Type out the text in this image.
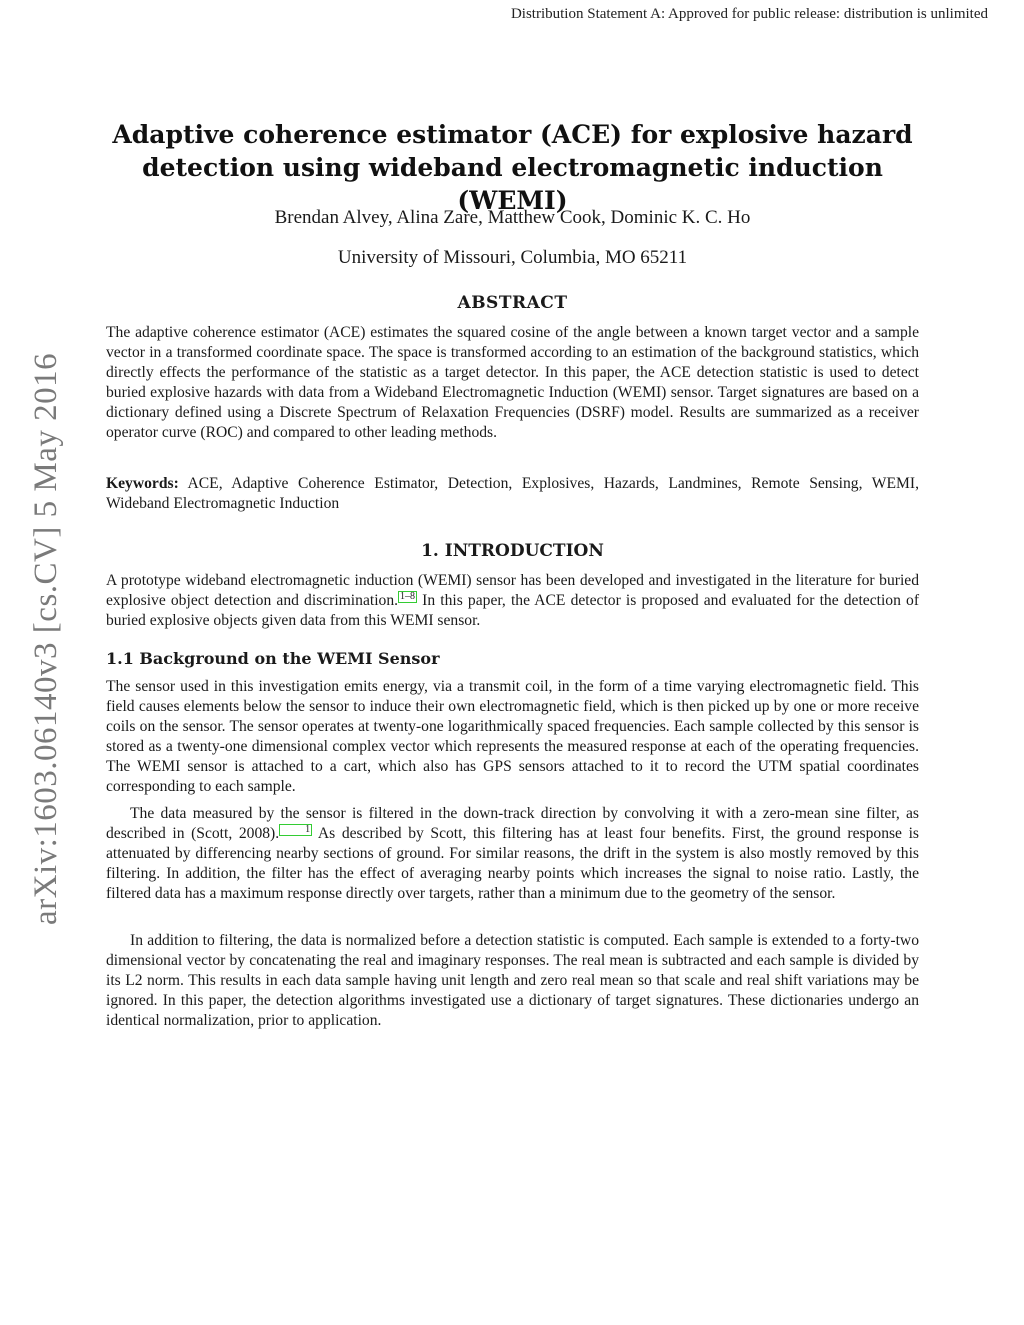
Distribution Statement A: Approved for public release: distribution is unlimited
arXiv:1603.06140v3 [cs.CV] 5 May 2016
Adaptive coherence estimator (ACE) for explosive hazard
detection using wideband electromagnetic induction (WEMI)
Brendan Alvey, Alina Zare, Matthew Cook, Dominic K. C. Ho
University of Missouri, Columbia, MO 65211
ABSTRACT
The adaptive coherence estimator (ACE) estimates the squared cosine of the angle between a known target vector and a sample vector in a transformed coordinate space. The space is transformed according to an estimation of the background statistics, which directly effects the performance of the statistic as a target detector. In this paper, the ACE detection statistic is used to detect buried explosive hazards with data from a Wideband Electromagnetic Induction (WEMI) sensor. Target signatures are based on a dictionary defined using a Discrete Spectrum of Relaxation Frequencies (DSRF) model. Results are summarized as a receiver operator curve (ROC) and compared to other leading methods.
Keywords: ACE, Adaptive Coherence Estimator, Detection, Explosives, Hazards, Landmines, Remote Sensing, WEMI, Wideband Electromagnetic Induction
1. INTRODUCTION
A prototype wideband electromagnetic induction (WEMI) sensor has been developed and investigated in the literature for buried explosive object detection and discrimination. 1–8 In this paper, the ACE detector is proposed and evaluated for the detection of buried explosive objects given data from this WEMI sensor.
1.1 Background on the WEMI Sensor
The sensor used in this investigation emits energy, via a transmit coil, in the form of a time varying electromagnetic field. This field causes elements below the sensor to induce their own electromagnetic field, which is then picked up by one or more receive coils on the sensor. The sensor operates at twenty-one logarithmically spaced frequencies. Each sample collected by this sensor is stored as a twenty-one dimensional complex vector which represents the measured response at each of the operating frequencies. The WEMI sensor is attached to a cart, which also has GPS sensors attached to it to record the UTM spatial coordinates corresponding to each sample.
The data measured by the sensor is filtered in the down-track direction by convolving it with a zero-mean sine filter, as described in (Scott, 2008).	1 As described by Scott, this filtering has at least four benefits. First, the ground response is attenuated by differencing nearby sections of ground. For similar reasons, the drift in the system is also mostly removed by this filtering. In addition, the filter has the effect of averaging nearby points which increases the signal to noise ratio. Lastly, the filtered data has a maximum response directly over targets, rather than a minimum due to the geometry of the sensor.
In addition to filtering, the data is normalized before a detection statistic is computed. Each sample is extended to a forty-two dimensional vector by concatenating the real and imaginary responses. The real mean is subtracted and each sample is divided by its L2 norm. This results in each data sample having unit length and zero real mean so that scale and real shift variations may be ignored. In this paper, the detection algorithms investigated use a dictionary of target signatures. These dictionaries undergo an identical normalization, prior to application.
